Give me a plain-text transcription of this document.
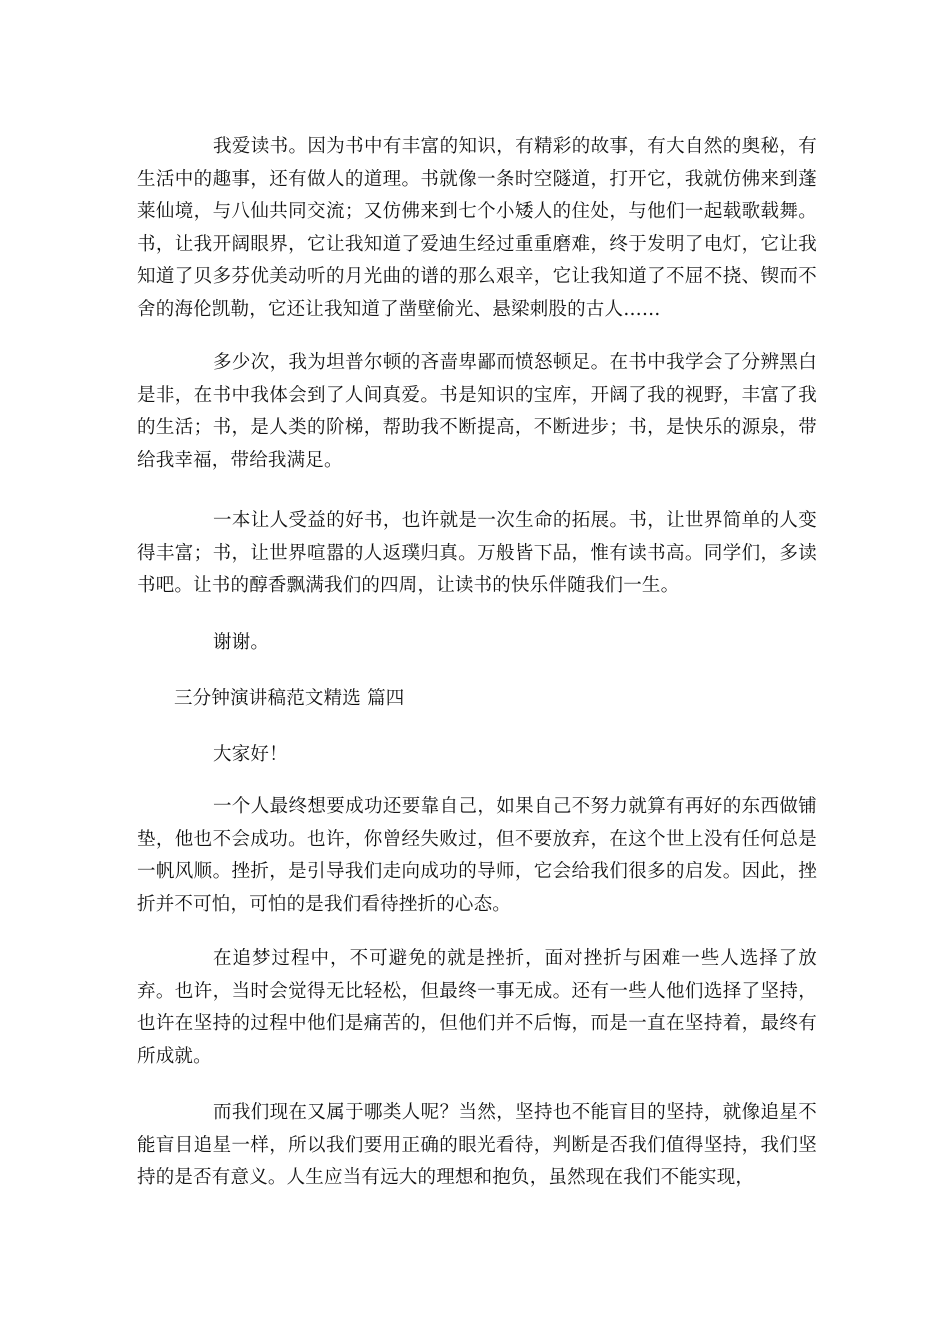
我爱读书。因为书中有丰富的知识，有精彩的故事，有大自然的奥秘，有生活中的趣事，还有做人的道理。书就像一条时空隧道，打开它，我就仿佛来到蓬莱仙境，与八仙共同交流；又仿佛来到七个小矮人的住处，与他们一起载歌载舞。书，让我开阔眼界，它让我知道了爱迪生经过重重磨难，终于发明了电灯，它让我知道了贝多芬优美动听的月光曲的谱的那么艰辛，它让我知道了不屈不挠、锲而不舍的海伦凯勒，它还让我知道了凿壁偷光、悬梁刺股的古人……

多少次，我为坦普尔顿的吝啬卑鄙而愤怒顿足。在书中我学会了分辨黑白是非，在书中我体会到了人间真爱。书是知识的宝库，开阔了我的视野，丰富了我的生活；书，是人类的阶梯，帮助我不断提高，不断进步；书，是快乐的源泉，带给我幸福，带给我满足。

一本让人受益的好书，也许就是一次生命的拓展。书，让世界简单的人变得丰富；书，让世界喧嚣的人返璞归真。万般皆下品，惟有读书高。同学们，多读书吧。让书的醇香飘满我们的四周，让读书的快乐伴随我们一生。

谢谢。

三分钟演讲稿范文精选 篇四

大家好！

一个人最终想要成功还要靠自己，如果自己不努力就算有再好的东西做铺垫，他也不会成功。也许，你曾经失败过，但不要放弃，在这个世上没有任何总是一帆风顺。挫折，是引导我们走向成功的导师，它会给我们很多的启发。因此，挫折并不可怕，可怕的是我们看待挫折的心态。

在追梦过程中，不可避免的就是挫折，面对挫折与困难一些人选择了放弃。也许，当时会觉得无比轻松，但最终一事无成。还有一些人他们选择了坚持，也许在坚持的过程中他们是痛苦的，但他们并不后悔，而是一直在坚持着，最终有所成就。

而我们现在又属于哪类人呢？当然，坚持也不能盲目的坚持，就像追星不能盲目追星一样，所以我们要用正确的眼光看待，判断是否我们值得坚持，我们坚持的是否有意义。人生应当有远大的理想和抱负，虽然现在我们不能实现，
